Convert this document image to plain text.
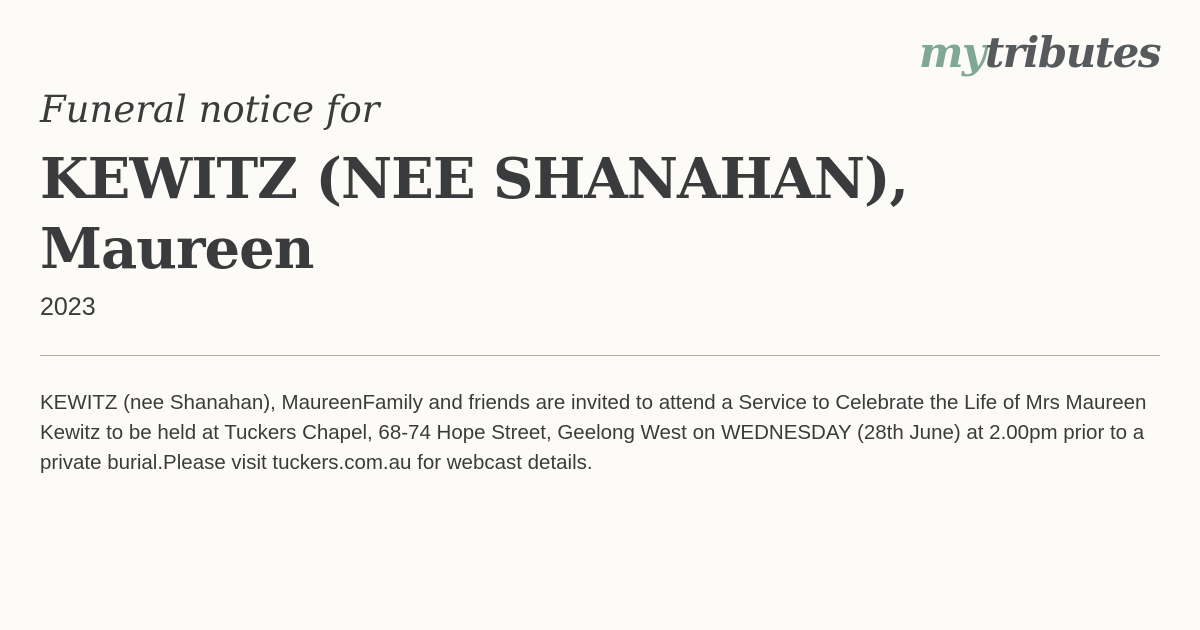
mytributes
Funeral notice for
KEWITZ (NEE SHANAHAN),
Maureen
2023

KEWITZ (nee Shanahan), MaureenFamily and friends are invited to attend a Service to Celebrate the Life of Mrs Maureen Kewitz to be held at Tuckers Chapel, 68-74 Hope Street, Geelong West on WEDNESDAY (28th June) at 2.00pm prior to a private burial.Please visit tuckers.com.au for webcast details.
